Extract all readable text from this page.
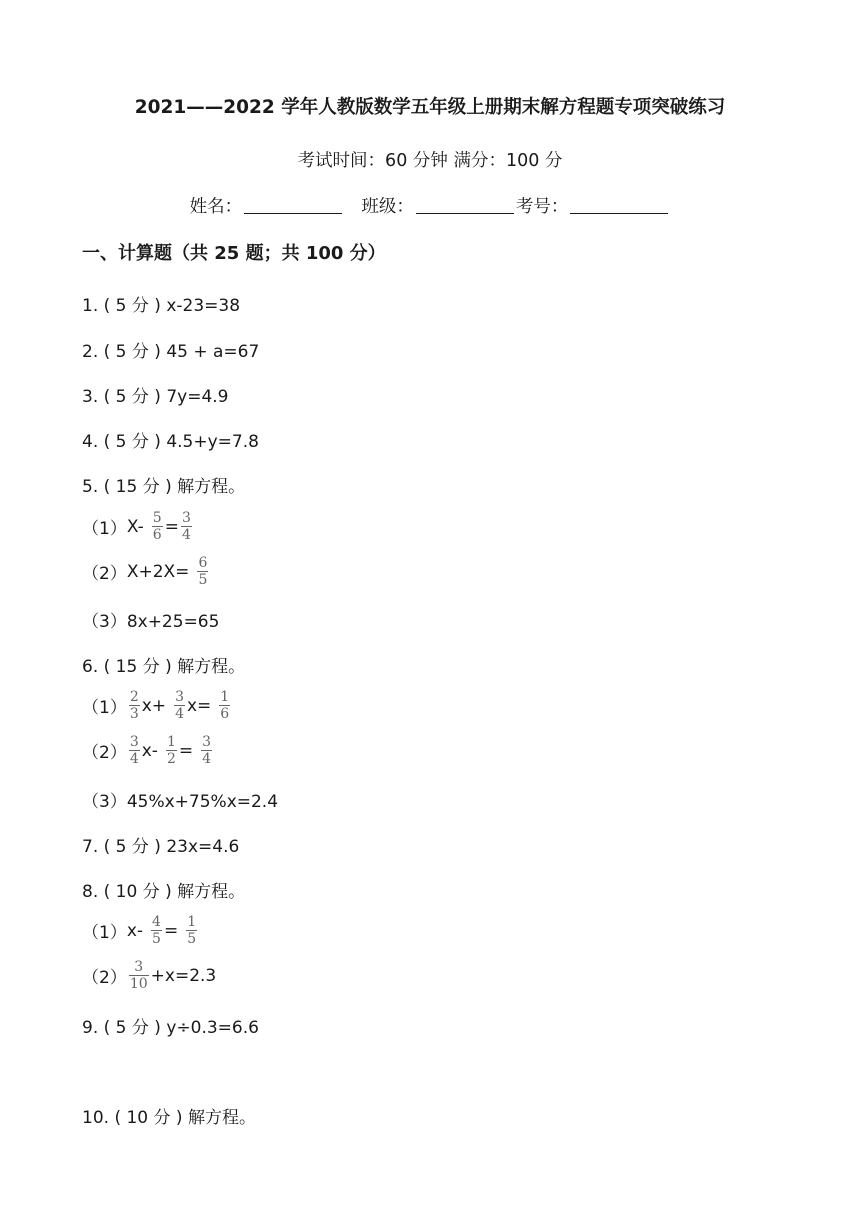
2021——2022 学年人教版数学五年级上册期末解方程题专项突破练习
考试时间：60 分钟 满分：100 分
姓名：	班级：	考号：
一、计算题（共 25 题；共 100 分）
1. ( 5 分 ) x-23=38
2. ( 5 分 ) 45 + a=67
3. ( 5 分 ) 7y=4.9
4. ( 5 分 ) 4.5+y=7.8
5. ( 15 分 ) 解方程。
（1） $X- \frac{5}{6} = \frac{3}{4}$
（2） $X+2X= \frac{6}{5}$
（3）8x+25=65
6. ( 15 分 ) 解方程。
$(1) \frac{2}{3} x+ \frac{3}{4} x= \frac{1}{6}$
$(2) \frac{3}{4} x- \frac{1}{2} = \frac{3}{4}$
（3）45%x+75%x=2.4
7. ( 5 分 ) 23x=4.6
8. ( 10 分 ) 解方程。
（1） $x- \frac{4}{5} = \frac{1}{5}$
$(2) \frac{3}{10} +x=2.3$
9. ( 5 分 ) y÷0.3=6.6
10. ( 10 分 ) 解方程。
